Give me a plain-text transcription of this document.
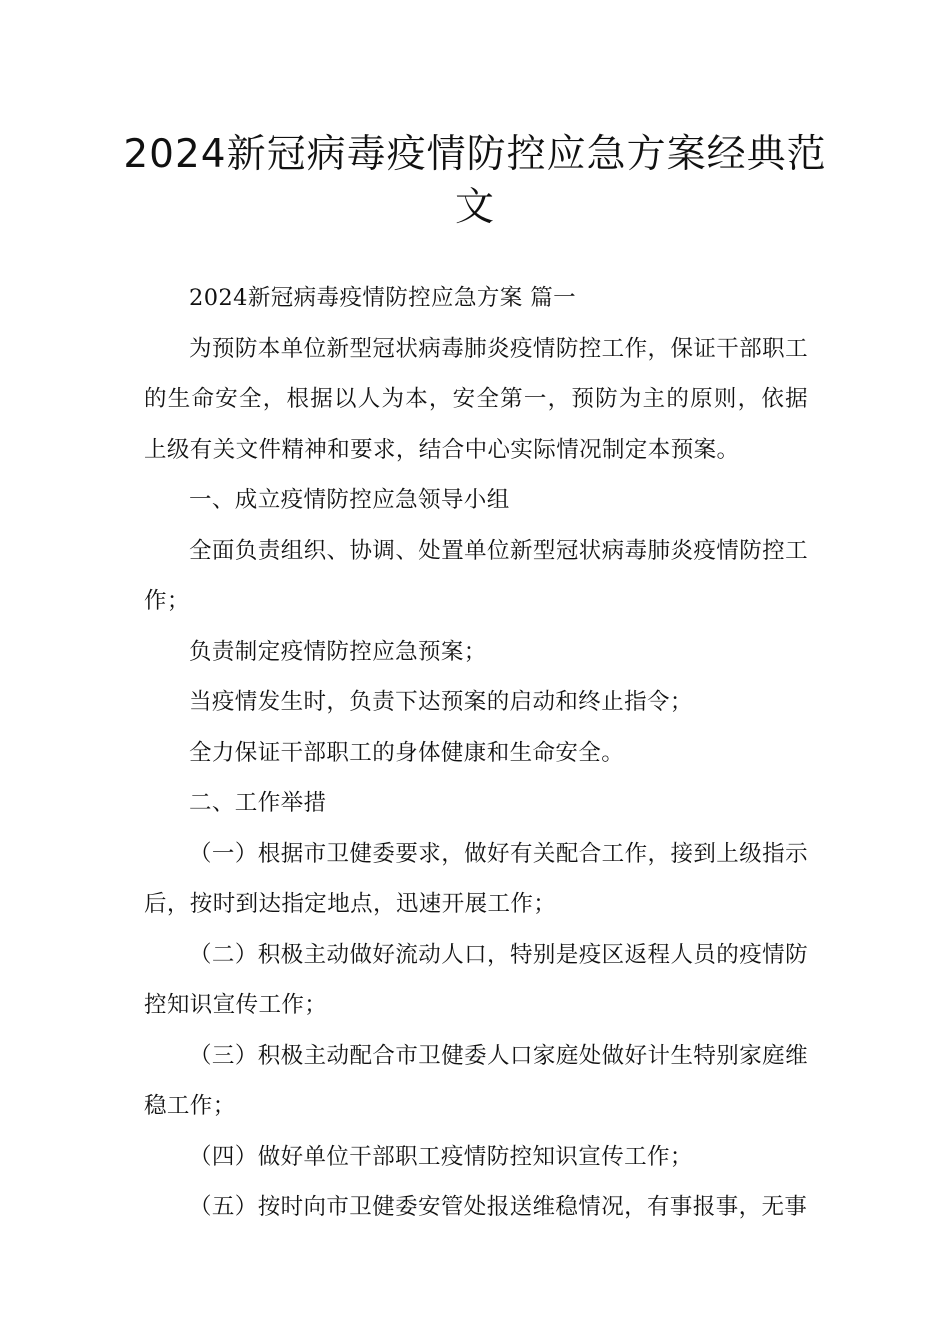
2024新冠病毒疫情防控应急方案经典范文

2024新冠病毒疫情防控应急方案 篇一

为预防本单位新型冠状病毒肺炎疫情防控工作，保证干部职工的生命安全，根据以人为本，安全第一，预防为主的原则，依据上级有关文件精神和要求，结合中心实际情况制定本预案。

一、成立疫情防控应急领导小组

全面负责组织、协调、处置单位新型冠状病毒肺炎疫情防控工作；

负责制定疫情防控应急预案；

当疫情发生时，负责下达预案的启动和终止指令；

全力保证干部职工的身体健康和生命安全。

二、工作举措

（一）根据市卫健委要求，做好有关配合工作，接到上级指示后，按时到达指定地点，迅速开展工作；

（二）积极主动做好流动人口，特别是疫区返程人员的疫情防控知识宣传工作；

（三）积极主动配合市卫健委人口家庭处做好计生特别家庭维稳工作；

（四）做好单位干部职工疫情防控知识宣传工作；

（五）按时向市卫健委安管处报送维稳情况，有事报事，无事
